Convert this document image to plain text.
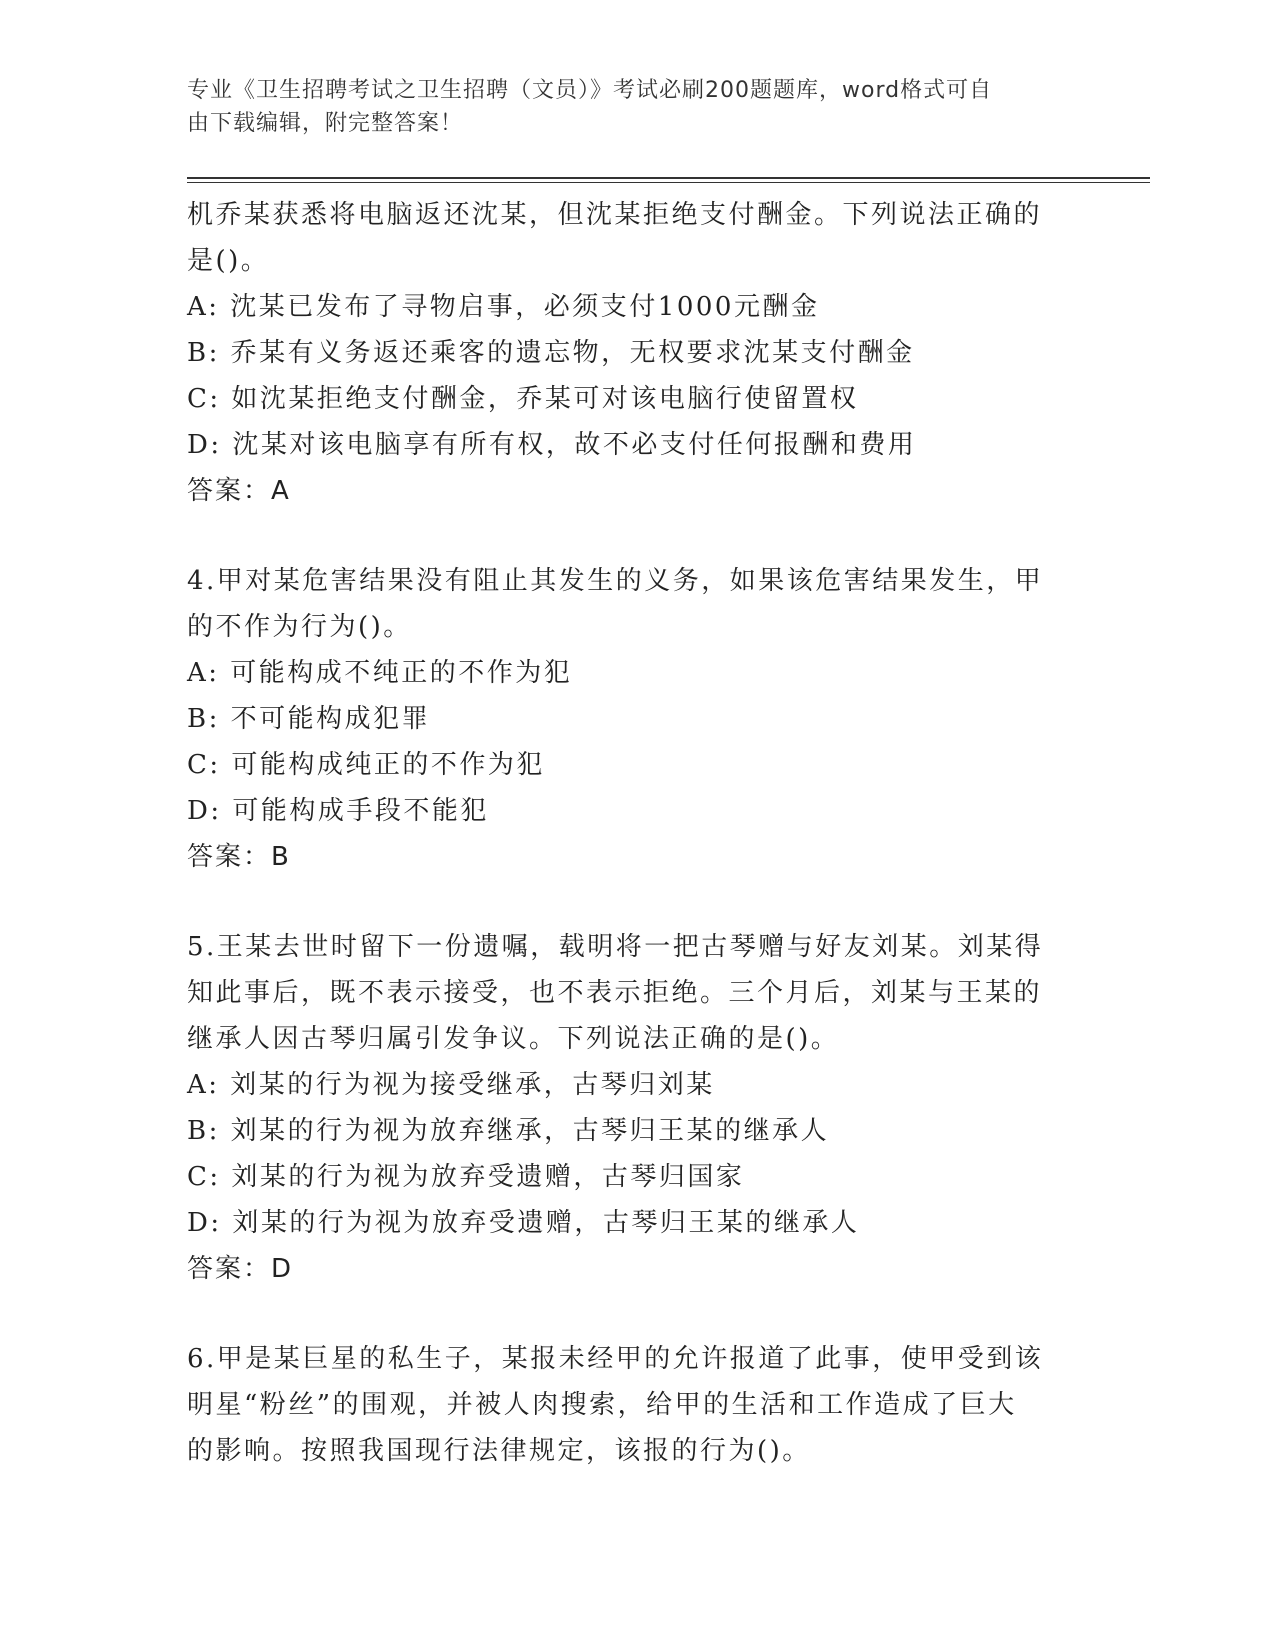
专业《卫生招聘考试之卫生招聘（文员）》考试必刷200题题库，word格式可自
由下载编辑，附完整答案！
机乔某获悉将电脑返还沈某，但沈某拒绝支付酬金。下列说法正确的
是()。
A: 沈某已发布了寻物启事，必须支付1000元酬金
B: 乔某有义务返还乘客的遗忘物，无权要求沈某支付酬金
C: 如沈某拒绝支付酬金，乔某可对该电脑行使留置权
D: 沈某对该电脑享有所有权，故不必支付任何报酬和费用
答案：A
4.甲对某危害结果没有阻止其发生的义务，如果该危害结果发生，甲
的不作为行为()。
A: 可能构成不纯正的不作为犯
B: 不可能构成犯罪
C: 可能构成纯正的不作为犯
D: 可能构成手段不能犯
答案：B
5.王某去世时留下一份遗嘱，载明将一把古琴赠与好友刘某。刘某得
知此事后，既不表示接受，也不表示拒绝。三个月后，刘某与王某的
继承人因古琴归属引发争议。下列说法正确的是()。
A: 刘某的行为视为接受继承，古琴归刘某
B: 刘某的行为视为放弃继承，古琴归王某的继承人
C: 刘某的行为视为放弃受遗赠，古琴归国家
D: 刘某的行为视为放弃受遗赠，古琴归王某的继承人
答案：D
6.甲是某巨星的私生子，某报未经甲的允许报道了此事，使甲受到该
明星“粉丝”的围观，并被人肉搜索，给甲的生活和工作造成了巨大
的影响。按照我国现行法律规定，该报的行为()。
